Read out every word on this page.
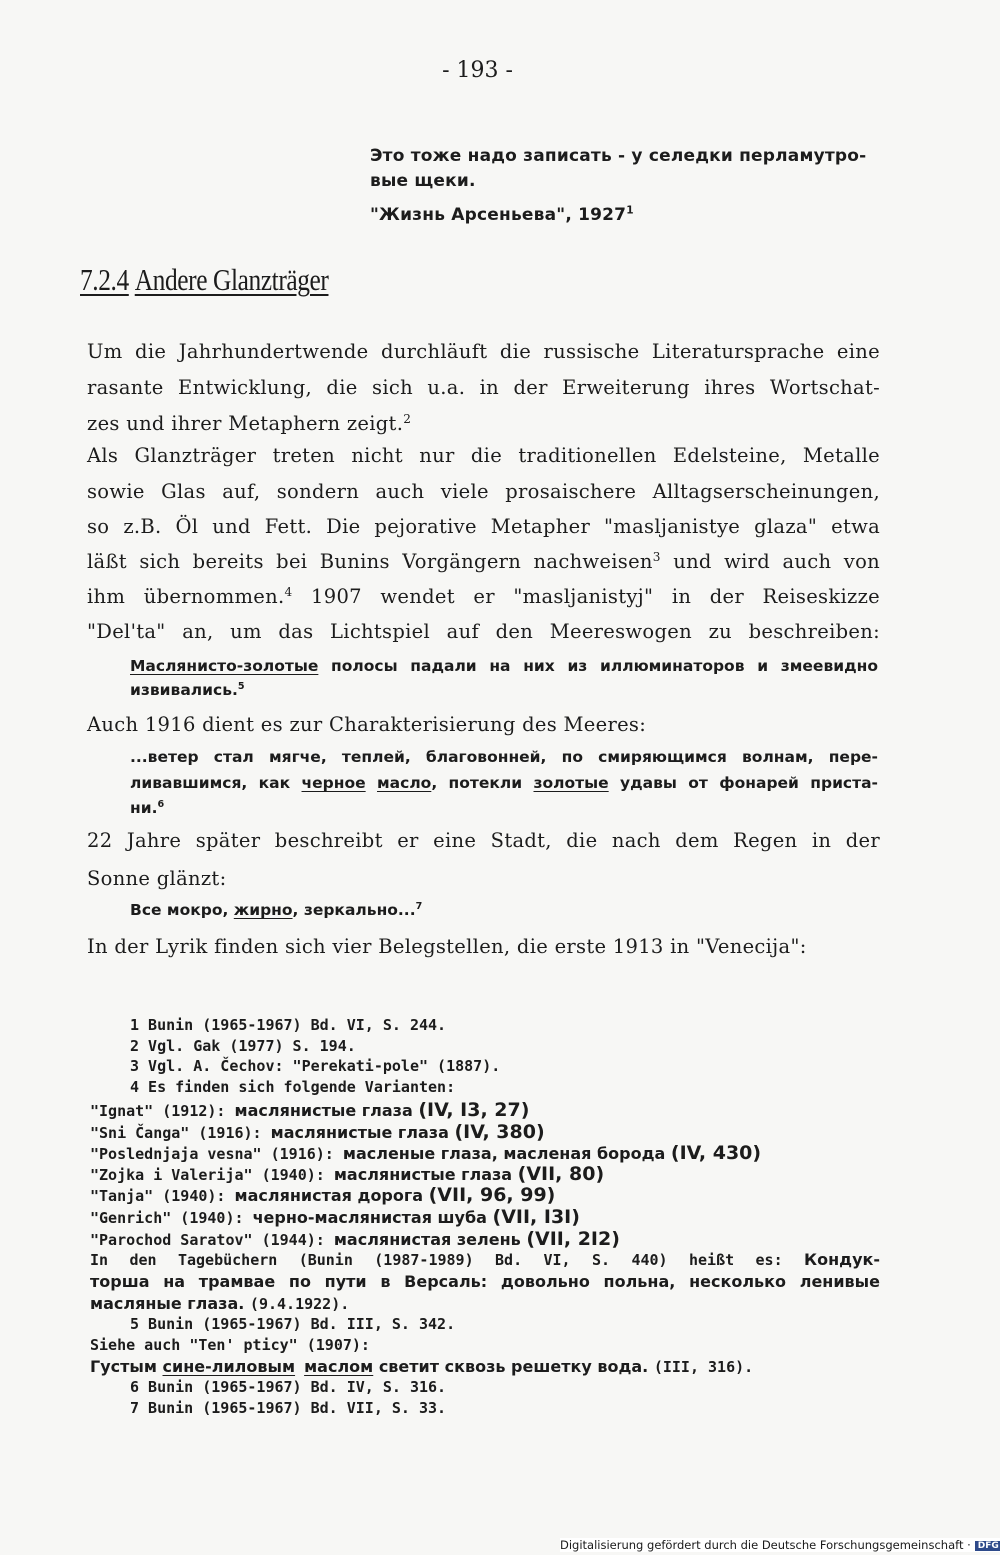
- 193 -
Это тоже надо записать - у селедки перламутро-
вые щеки.
"Жизнь Арсеньева", 1927$^1$
7.2.4 Andere Glanzträger
Um die Jahrhundertwende durchläuft die russische Literatursprache eine
rasante Entwicklung, die sich u.a. in der Erweiterung ihres Wortschat-
zes und ihrer Metaphern zeigt.$^2$
Als Glanzträger treten nicht nur die traditionellen Edelsteine, Metalle
sowie Glas auf, sondern auch viele prosaischere Alltagserscheinungen,
so z.B. Öl und Fett. Die pejorative Metapher "masljanistye glaza" etwa
läßt sich bereits bei Bunins Vorgängern nachweisen$^3$ und wird auch von
ihm übernommen.$^4$ 1907 wendet er "masljanistyj" in der Reiseskizze
"Del'ta" an, um das Lichtspiel auf den Meereswogen zu beschreiben:
Маслянисто-золотые полосы падали на них из иллюминаторов и змеевидно
извивались.$^5$
Auch 1916 dient es zur Charakterisierung des Meeres:
...ветер стал мягче, теплей, благовонней, по смиряющимся волнам, пере-
ливавшимся, как черное масло, потекли золотые удавы от фонарей приста-
ни.$^6$
22 Jahre später beschreibt er eine Stadt, die nach dem Regen in der
Sonne glänzt:
Все мокро, жирно, зеркально...$^7$
In der Lyrik finden sich vier Belegstellen, die erste 1913 in "Venecija":
1 Bunin (1965-1967) Bd. VI, S. 244.
2 Vgl. Gak (1977) S. 194.
3 Vgl. A. Čechov: "Perekati-pole" (1887).
4 Es finden sich folgende Varianten:
"Ignat" (1912): маслянистые глаза (IV, I3, 27)
"Sni Čanga" (1916): маслянистые глаза (IV, 380)
"Poslednjaja vesna" (1916): масленые глаза, масленая борода (IV, 430)
"Zojka i Valerija" (1940): маслянистые глаза (VII, 80)
"Tanja" (1940): маслянистая дорога (VII, 96, 99)
"Genrich" (1940): черно-маслянистая шуба (VII, I3I)
"Parochod Saratov" (1944): маслянистая зелень (VII, 2I2)
In den Tagebüchern (Bunin (1987-1989) Bd. VI, S. 440) heißt es: Кондук-
торша на трамвае по пути в Версаль: довольно польна, несколько ленивые
масляные глаза. (9.4.1922).
5 Bunin (1965-1967) Bd. III, S. 342.
Siehe auch "Ten' pticy" (1907):
Густым сине-лиловым маслом светит сквозь решетку вода. (III, 316).
6 Bunin (1965-1967) Bd. IV, S. 316.
7 Bunin (1965-1967) Bd. VII, S. 33.
Digitalisierung gefördert durch die Deutsche Forschungsgemeinschaft · DFG
